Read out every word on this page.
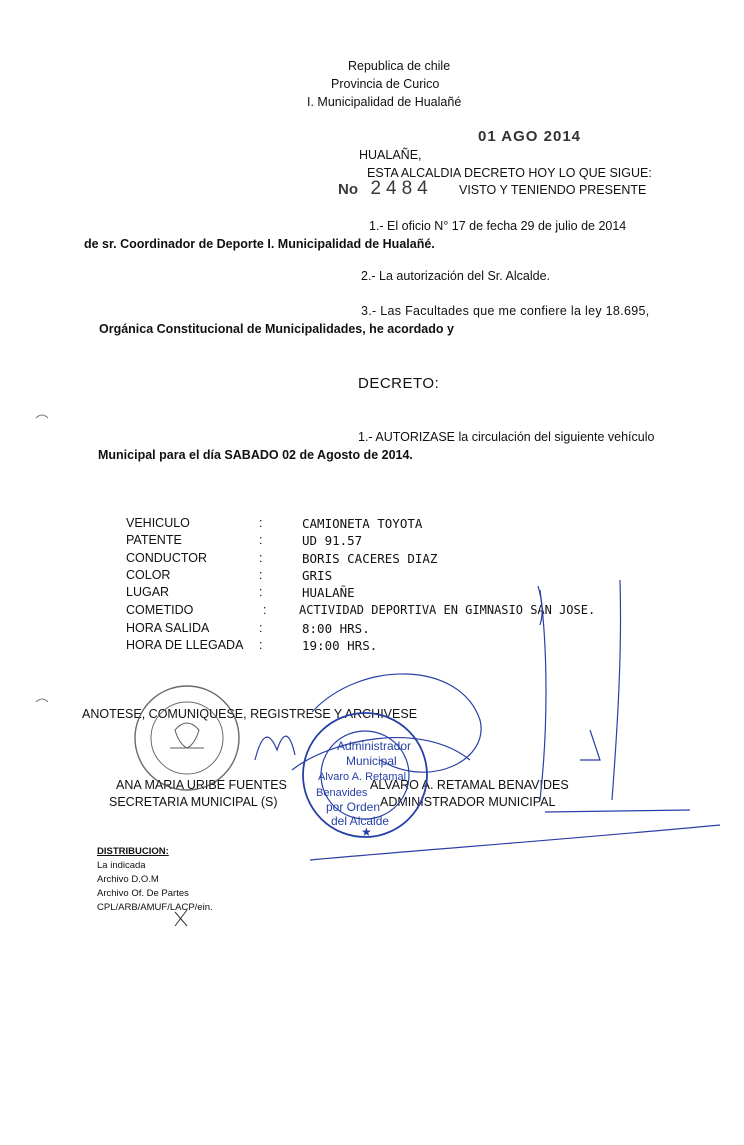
Republica de chile
Provincia de Curico
I. Municipalidad de Hualañé
01 AGO 2014
HUALAÑE,
ESTA ALCALDIA DECRETO HOY LO QUE SIGUE:
No 2484 VISTO Y TENIENDO PRESENTE
1.- El oficio N° 17 de fecha 29 de julio de 2014
de sr. Coordinador de Deporte I. Municipalidad de Hualañé.
2.- La autorización del Sr. Alcalde.
3.- Las Facultades que me confiere la ley 18.695,
Orgánica Constitucional de Municipalidades, he acordado y
DECRETO:
1.- AUTORIZASE la circulación del siguiente vehículo
Municipal para el día SABADO 02 de Agosto de 2014.
VEHICULO	:	CAMIONETA TOYOTA
PATENTE	:	UD 91.57
CONDUCTOR	:	BORIS CACERES DIAZ
COLOR	:	GRIS
LUGAR	:	HUALAÑE
COMETIDO	:	ACTIVIDAD DEPORTIVA EN GIMNASIO SAN JOSE.
HORA SALIDA	:	8:00 HRS.
HORA DE LLEGADA :	19:00 HRS.
ANOTESE, COMUNIQUESE, REGISTRESE Y ARCHIVESE
ANA MARIA URIBE FUENTES
SECRETARIA MUNICIPAL (S)
ALVARO A. RETAMAL BENAVIDES
ADMINISTRADOR MUNICIPAL
DISTRIBUCION:
La indicada
Archivo D.O.M
Archivo Of. De Partes
CPL/ARB/AMUF/LACP/ein.
Administrador
Municipal
Alvaro A. Retamal
Benavides
por Orden
del Alcalde
★
